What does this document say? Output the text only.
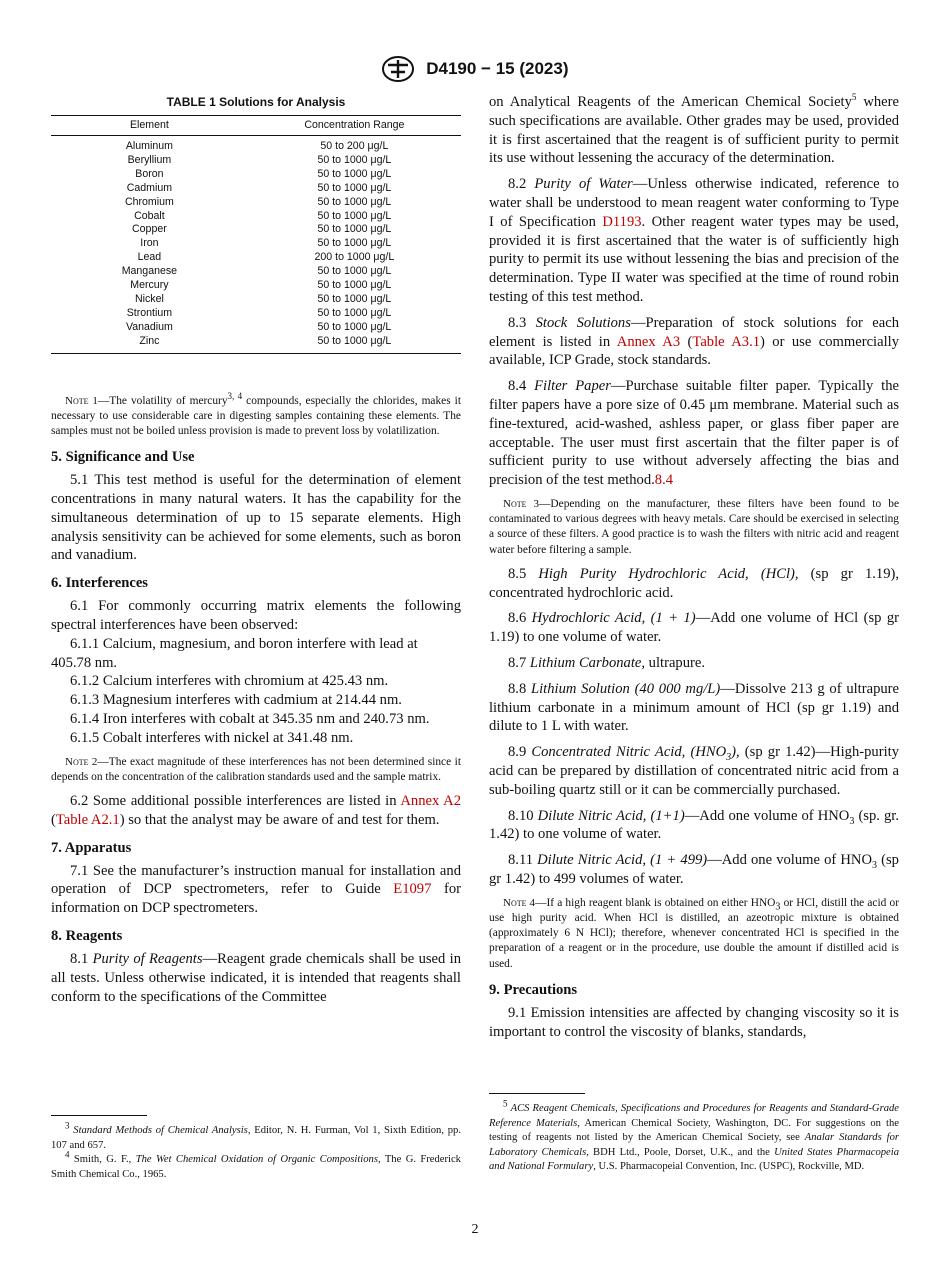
D4190 − 15 (2023)
TABLE 1 Solutions for Analysis
Element	Concentration Range
Aluminum	50 to 200 μg/L
Beryllium	50 to 1000 μg/L
Boron	50 to 1000 μg/L
Cadmium	50 to 1000 μg/L
Chromium	50 to 1000 μg/L
Cobalt	50 to 1000 μg/L
Copper	50 to 1000 μg/L
Iron	50 to 1000 μg/L
Lead	200 to 1000 μg/L
Manganese	50 to 1000 μg/L
Mercury	50 to 1000 μg/L
Nickel	50 to 1000 μg/L
Strontium	50 to 1000 μg/L
Vanadium	50 to 1000 μg/L
Zinc	50 to 1000 μg/L

Note 1—The volatility of mercury$^{3, 4}$ compounds, especially the chlorides, makes it necessary to use considerable care in digesting samples containing these elements. The samples must not be boiled unless provision is made to prevent loss by volatilization.

5. Significance and Use

5.1 This test method is useful for the determination of element concentrations in many natural waters. It has the capability for the simultaneous determination of up to 15 separate elements. High analysis sensitivity can be achieved for some elements, such as boron and vanadium.

6. Interferences

6.1 For commonly occurring matrix elements the following spectral interferences have been observed:

6.1.1 Calcium, magnesium, and boron interfere with lead at 405.78 nm.

6.1.2 Calcium interferes with chromium at 425.43 nm.

6.1.3 Magnesium interferes with cadmium at 214.44 nm.

6.1.4 Iron interferes with cobalt at 345.35 nm and 240.73 nm.

6.1.5 Cobalt interferes with nickel at 341.48 nm.

Note 2—The exact magnitude of these interferences has not been determined since it depends on the concentration of the calibration standards used and the sample matrix.

6.2 Some additional possible interferences are listed in Annex A2 (Table A2.1) so that the analyst may be aware of and test for them.

7. Apparatus

7.1 See the manufacturer’s instruction manual for installation and operation of DCP spectrometers, refer to Guide E1097 for information on DCP spectrometers.

8. Reagents

8.1 Purity of Reagents—Reagent grade chemicals shall be used in all tests. Unless otherwise indicated, it is intended that reagents shall conform to the specifications of the Committee

$^3$ Standard Methods of Chemical Analysis, Editor, N. H. Furman, Vol 1, Sixth Edition, pp. 107 and 657.

$^4$ Smith, G. F., The Wet Chemical Oxidation of Organic Compositions, The G. Frederick Smith Chemical Co., 1965.

on Analytical Reagents of the American Chemical Society$^5$ where such specifications are available. Other grades may be used, provided it is first ascertained that the reagent is of sufficient purity to permit its use without lessening the accuracy of the determination.

8.2 Purity of Water—Unless otherwise indicated, reference to water shall be understood to mean reagent water conforming to Type I of Specification D1193. Other reagent water types may be used, provided it is first ascertained that the water is of sufficiently high purity to permit its use without lessening the bias and precision of the determination. Type II water was specified at the time of round robin testing of this test method.

8.3 Stock Solutions—Preparation of stock solutions for each element is listed in Annex A3 (Table A3.1) or use commercially available, ICP Grade, stock standards.

8.4 Filter Paper—Purchase suitable filter paper. Typically the filter papers have a pore size of 0.45 μm membrane. Material such as fine-textured, acid-washed, ashless paper, or glass fiber paper are acceptable. The user must first ascertain that the filter paper is of sufficient purity to use without adversely affecting the bias and precision of the test method.8.4

Note 3—Depending on the manufacturer, these filters have been found to be contaminated to various degrees with heavy metals. Care should be exercised in selecting a source of these filters. A good practice is to wash the filters with nitric acid and reagent water before filtering a sample.

8.5 High Purity Hydrochloric Acid, (HCl), (sp gr 1.19), concentrated hydrochloric acid.

8.6 Hydrochloric Acid, (1 + 1)—Add one volume of HCl (sp gr 1.19) to one volume of water.

8.7 Lithium Carbonate, ultrapure.

8.8 Lithium Solution (40 000 mg/L)—Dissolve 213 g of ultrapure lithium carbonate in a minimum amount of HCl (sp gr 1.19) and dilute to 1 L with water.

8.9 Concentrated Nitric Acid, $(HNO_3)$, (sp gr 1.42)—High-purity acid can be prepared by distillation of concentrated nitric acid from a sub-boiling quartz still or it can be commercially purchased.

8.10 Dilute Nitric Acid, (1+1)—Add one volume of $HNO_3$ (sp. gr. 1.42) to one volume of water.

8.11 Dilute Nitric Acid, (1 + 499)—Add one volume of $HNO_3$ (sp gr 1.42) to 499 volumes of water.

Note 4—If a high reagent blank is obtained on either $HNO_3$ or HCl, distill the acid or use high purity acid. When HCl is distilled, an azeotropic mixture is obtained (approximately 6 N HCl); therefore, whenever concentrated HCl is specified in the preparation of a reagent or in the procedure, use double the amount if distilled acid is used.

9. Precautions

9.1 Emission intensities are affected by changing viscosity so it is important to control the viscosity of blanks, standards,

$^5$ ACS Reagent Chemicals, Specifications and Procedures for Reagents and Standard-Grade Reference Materials, American Chemical Society, Washington, DC. For suggestions on the testing of reagents not listed by the American Chemical Society, see Analar Standards for Laboratory Chemicals, BDH Ltd., Poole, Dorset, U.K., and the United States Pharmacopeia and National Formulary, U.S. Pharmacopeial Convention, Inc. (USPC), Rockville, MD.

2
